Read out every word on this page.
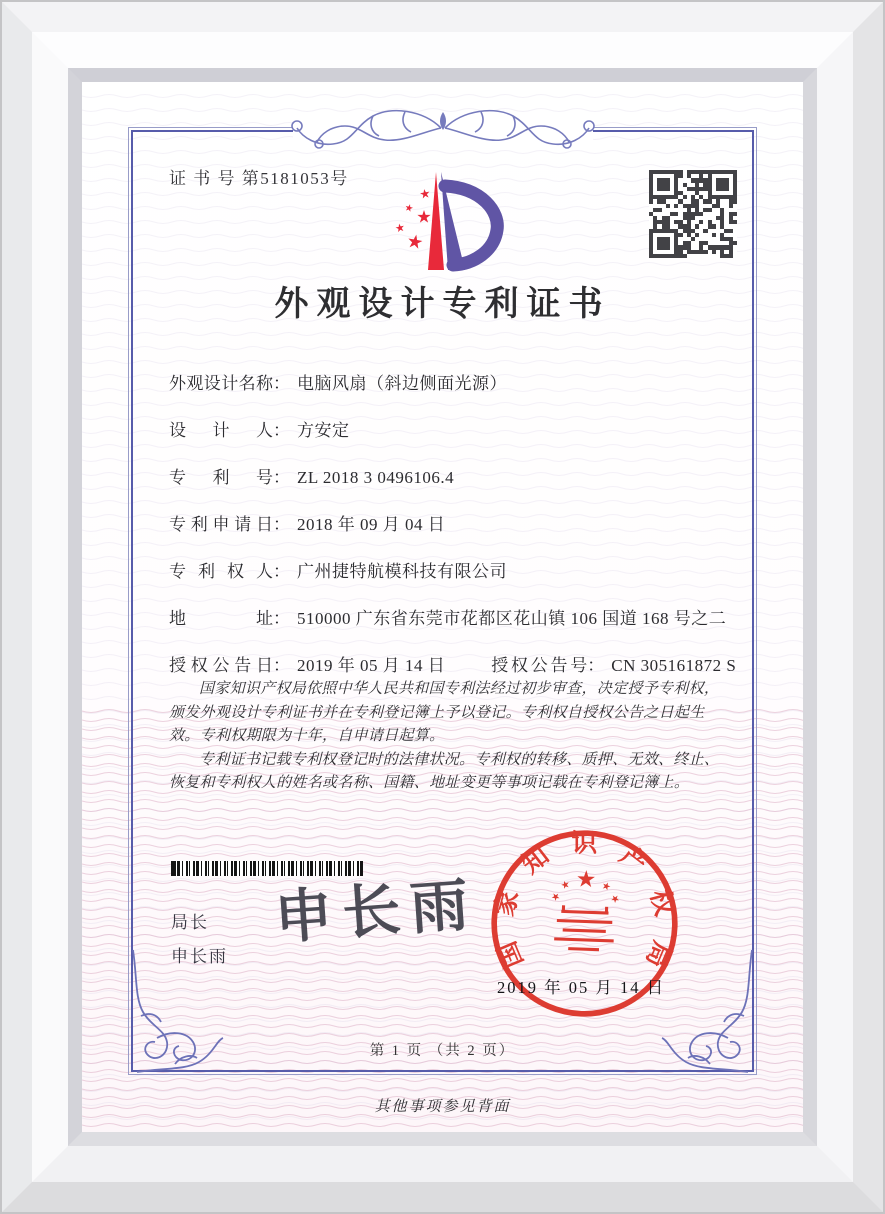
证 书 号 第5181053号
外观设计专利证书
外观设计名称： 电脑风扇（斜边侧面光源）
设计人： 方安定
专利号： ZL 2018 3 0496106.4
专利申请日： 2018 年 09 月 04 日
专利权人： 广州捷特航模科技有限公司
地址： 510000 广东省东莞市花都区花山镇 106 国道 168 号之二
授权公告日： 2019 年 05 月 14 日	授权公告号： CN 305161872 S

国家知识产权局依照中华人民共和国专利法经过初步审查，决定授予专利权，颁发外观设计专利证书并在专利登记簿上予以登记。专利权自授权公告之日起生效。专利权期限为十年，自申请日起算。

专利证书记载专利权登记时的法律状况。专利权的转移、质押、无效、终止、恢复和专利权人的姓名或名称、国籍、地址变更等事项记载在专利登记簿上。

局长
申长雨
申长雨
国家知识产权局
2019 年 05 月 14 日
第 1 页 （共 2 页）
其他事项参见背面
